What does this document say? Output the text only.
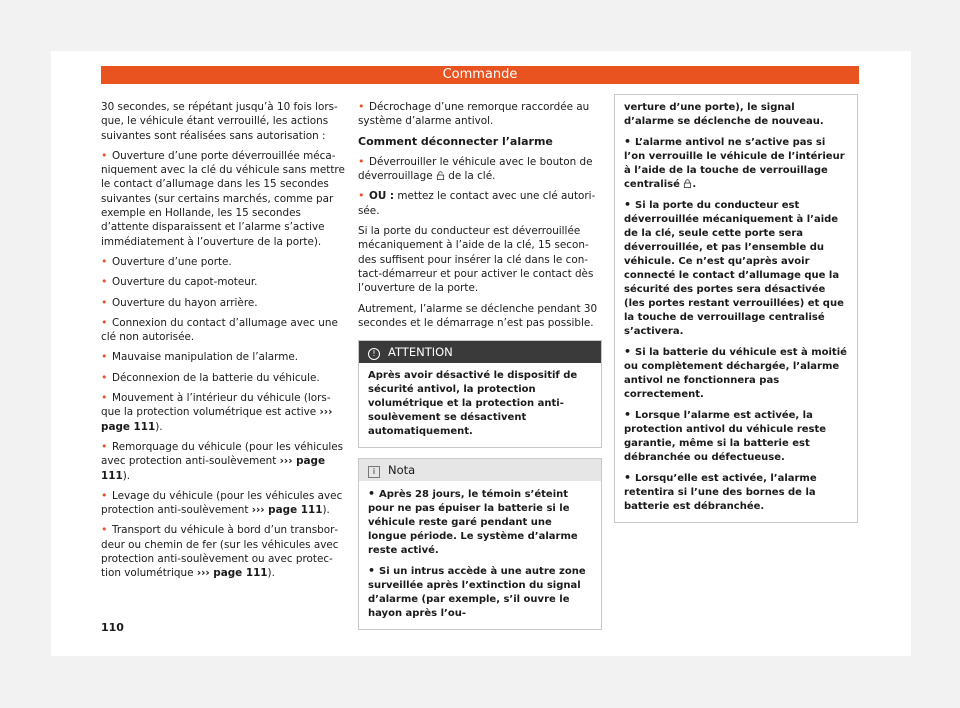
Commande

30 secondes, se répétant jusqu’à 10 fois lorsque, le véhicule étant verrouillé, les actions suivantes sont réalisées sans autorisation :

• Ouverture d’une porte déverrouillée mécaniquement avec la clé du véhicule sans mettre le contact d’allumage dans les 15 secondes suivantes (sur certains marchés, comme par exemple en Hollande, les 15 secondes d’attente disparaissent et l’alarme s’active immédiatement à l’ouverture de la porte).

• Ouverture d’une porte.

• Ouverture du capot-moteur.

• Ouverture du hayon arrière.

• Connexion du contact d’allumage avec une clé non autorisée.

• Mauvaise manipulation de l’alarme.

• Déconnexion de la batterie du véhicule.

• Mouvement à l’intérieur du véhicule (lorsque la protection volumétrique est active ››› page 111).

• Remorquage du véhicule (pour les véhicules avec protection anti-soulèvement ››› page 111).

• Levage du véhicule (pour les véhicules avec protection anti-soulèvement ››› page 111).

• Transport du véhicule à bord d’un transbordeur ou chemin de fer (sur les véhicules avec protection anti-soulèvement ou avec protection volumétrique ››› page 111).

• Décrochage d’une remorque raccordée au système d’alarme antivol.

Comment déconnecter l’alarme

• Déverrouiller le véhicule avec le bouton de déverrouillage de la clé.

• OU : mettez le contact avec une clé autorisée.

Si la porte du conducteur est déverrouillée mécaniquement à l’aide de la clé, 15 secondes suffisent pour insérer la clé dans le contact-démarreur et pour activer le contact dès l’ouverture de la porte.

Autrement, l’alarme se déclenche pendant 30 secondes et le démarrage n’est pas possible.

! ATTENTION
Après avoir désactivé le dispositif de sécurité antivol, la protection volumétrique et la protection anti-soulèvement se désactivent automatiquement.
i Nota

• Après 28 jours, le témoin s’éteint pour ne pas épuiser la batterie si le véhicule reste garé pendant une longue période. Le système d’alarme reste activé.

• Si un intrus accède à une autre zone surveillée après l’extinction du signal d’alarme (par exemple, s’il ouvre le hayon après l’ou-

verture d’une porte), le signal d’alarme se déclenche de nouveau.

• L’alarme antivol ne s’active pas si l’on verrouille le véhicule de l’intérieur à l’aide de la touche de verrouillage centralisé .

• Si la porte du conducteur est déverrouillée mécaniquement à l’aide de la clé, seule cette porte sera déverrouillée, et pas l’ensemble du véhicule. Ce n’est qu’après avoir connecté le contact d’allumage que la sécurité des portes sera désactivée (les portes restant verrouillées) et que la touche de verrouillage centralisé s’activera.

• Si la batterie du véhicule est à moitié ou complètement déchargée, l’alarme antivol ne fonctionnera pas correctement.

• Lorsque l’alarme est activée, la protection antivol du véhicule reste garantie, même si la batterie est débranchée ou défectueuse.

• Lorsqu’elle est activée, l’alarme retentira si l’une des bornes de la batterie est débranchée.

110
